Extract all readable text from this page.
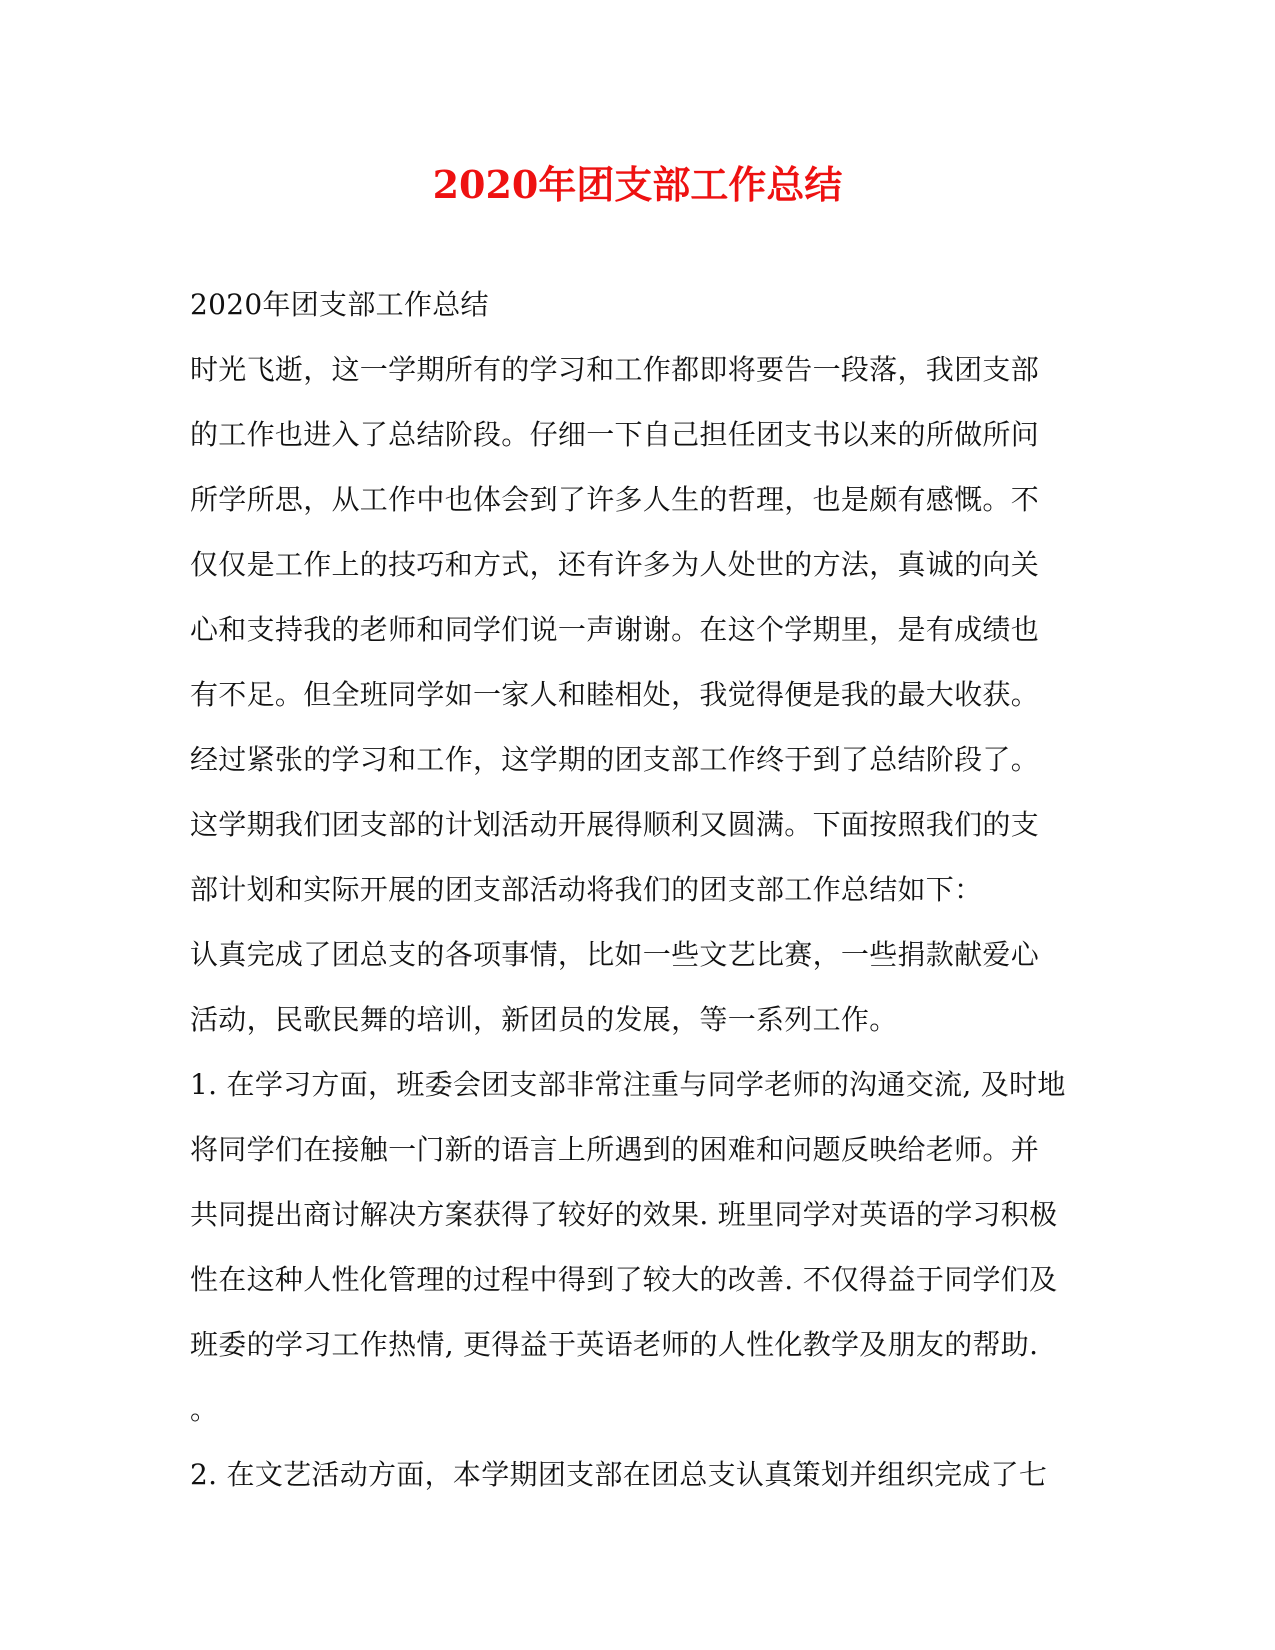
2020年团支部工作总结
2020年团支部工作总结
时光飞逝，这一学期所有的学习和工作都即将要告一段落，我团支部
的工作也进入了总结阶段。仔细一下自己担任团支书以来的所做所问
所学所思，从工作中也体会到了许多人生的哲理，也是颇有感慨。不
仅仅是工作上的技巧和方式，还有许多为人处世的方法，真诚的向关
心和支持我的老师和同学们说一声谢谢。在这个学期里，是有成绩也
有不足。但全班同学如一家人和睦相处，我觉得便是我的最大收获。
经过紧张的学习和工作，这学期的团支部工作终于到了总结阶段了。
这学期我们团支部的计划活动开展得顺利又圆满。下面按照我们的支
部计划和实际开展的团支部活动将我们的团支部工作总结如下：
认真完成了团总支的各项事情，比如一些文艺比赛，一些捐款献爱心
活动，民歌民舞的培训，新团员的发展，等一系列工作。
1. 在学习方面，班委会团支部非常注重与同学老师的沟通交流, 及时地
将同学们在接触一门新的语言上所遇到的困难和问题反映给老师。并
共同提出商讨解决方案获得了较好的效果. 班里同学对英语的学习积极
性在这种人性化管理的过程中得到了较大的改善. 不仅得益于同学们及
班委的学习工作热情, 更得益于英语老师的人性化教学及朋友的帮助.
。
2. 在文艺活动方面，本学期团支部在团总支认真策划并组织完成了七
